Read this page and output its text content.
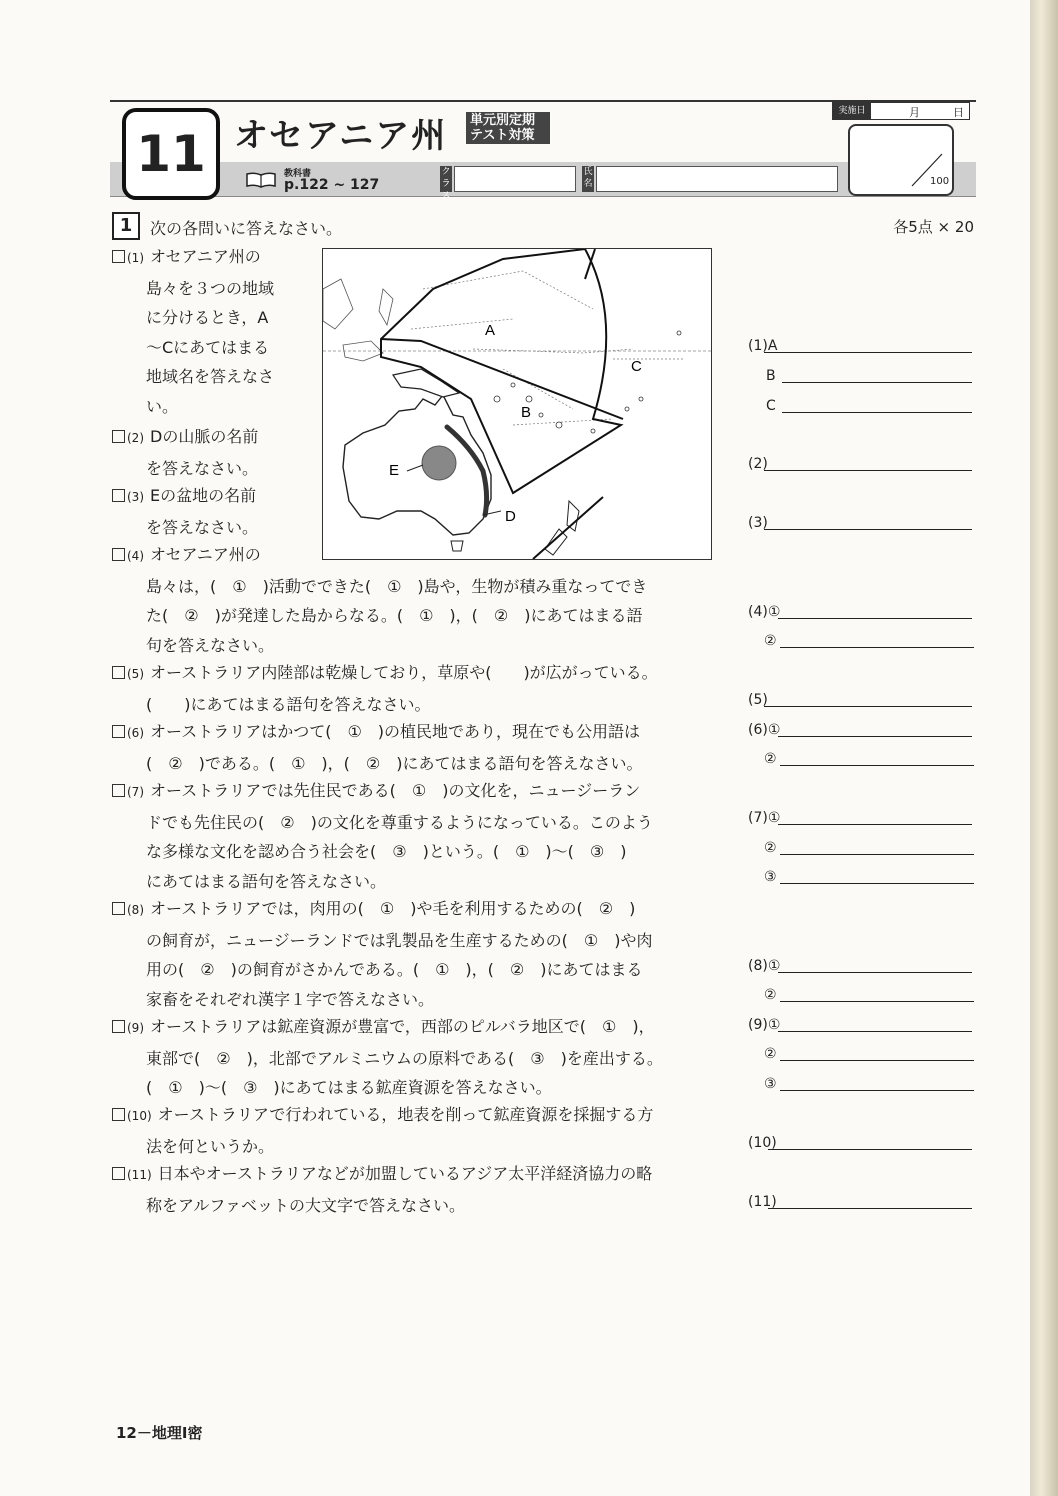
11 オセアニア州	単元別定期テスト対策
教科書
p.122 ~ 127
クラス
氏名
実施日	月	日
100
1	次の各問いに答えなさい。	各5点 × 20
A
B
C
D
E
(1) オセアニア州の
島々を３つの地域
に分けるとき，A
～Cにあてはまる
地域名を答えなさ
い。
(2) Dの山脈の名前
を答えなさい。
(3) Eの盆地の名前
を答えなさい。
(4) オセアニア州の
島々は，(　①　)活動でできた(　①　)島や，生物が積み重なってでき
た(　②　)が発達した島からなる。(　①　)，(　②　)にあてはまる語
句を答えなさい。
(5) オーストラリア内陸部は乾燥しており，草原や(　　)が広がっている。
(　　)にあてはまる語句を答えなさい。
(6) オーストラリアはかつて(　①　)の植民地であり，現在でも公用語は
(　②　)である。(　①　)，(　②　)にあてはまる語句を答えなさい。
(7) オーストラリアでは先住民である(　①　)の文化を，ニュージーラン
ドでも先住民の(　②　)の文化を尊重するようになっている。このよう
な多様な文化を認め合う社会を(　③　)という。(　①　)～(　③　)
にあてはまる語句を答えなさい。
(8) オーストラリアでは，肉用の(　①　)や毛を利用するための(　②　)
の飼育が，ニュージーランドでは乳製品を生産するための(　①　)や肉
用の(　②　)の飼育がさかんである。(　①　)，(　②　)にあてはまる
家畜をそれぞれ漢字１字で答えなさい。
(9) オーストラリアは鉱産資源が豊富で，西部のピルバラ地区で(　①　)，
東部で(　②　)，北部でアルミニウムの原料である(　③　)を産出する。
(　①　)～(　③　)にあてはまる鉱産資源を答えなさい。
(10) オーストラリアで行われている，地表を削って鉱産資源を採掘する方
法を何というか。
(11) 日本やオーストラリアなどが加盟しているアジア太平洋経済協力の略
称をアルファベットの大文字で答えなさい。
(1)A
B
C
(2)
(3)
(4)①
②
(5)
(6)①
②
(7)①
②
③
(8)①
②
(9)①
②
③
(10)
(11)
12－地理Ⅰ密
